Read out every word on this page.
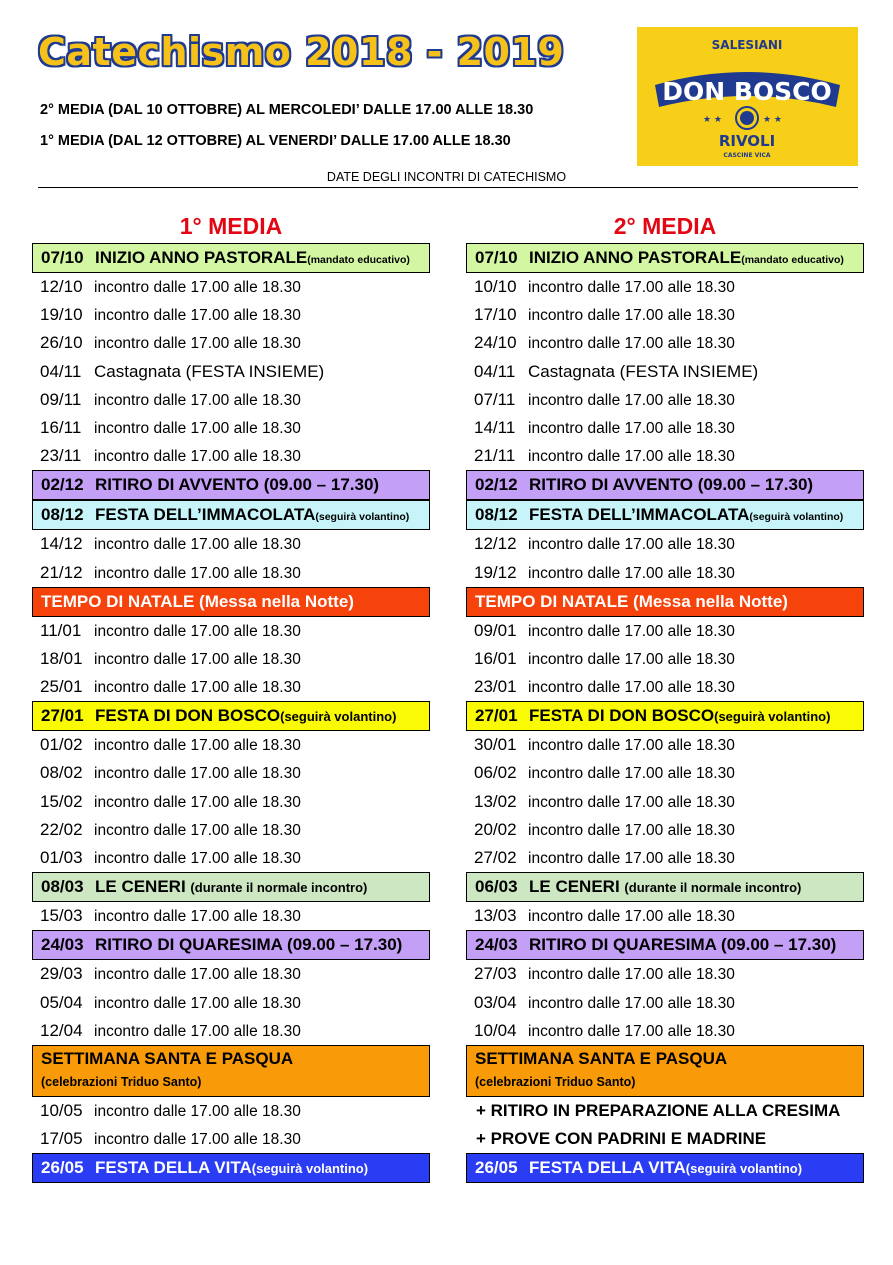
Catechismo 2018 - 2019
2° MEDIA (DAL 10 OTTOBRE) AL MERCOLEDI’ DALLE 17.00 ALLE 18.30
1° MEDIA (DAL 12 OTTOBRE) AL VENERDI’ DALLE 17.00 ALLE 18.30
DATE DEGLI INCONTRI DI CATECHISMO
SALESIANI
DON BOSCO
★ ★	★ ★
RIVOLI
CASCINE VICA
1° MEDIA
07/10 INIZIO ANNO PASTORALE(mandato educativo)
12/10 incontro dalle 17.00 alle 18.30
19/10 incontro dalle 17.00 alle 18.30
26/10 incontro dalle 17.00 alle 18.30
04/11 Castagnata (FESTA INSIEME)
09/11 incontro dalle 17.00 alle 18.30
16/11 incontro dalle 17.00 alle 18.30
23/11 incontro dalle 17.00 alle 18.30
02/12 RITIRO DI AVVENTO (09.00 – 17.30)
08/12 FESTA DELL’IMMACOLATA(seguirà volantino)
14/12 incontro dalle 17.00 alle 18.30
21/12 incontro dalle 17.00 alle 18.30
TEMPO DI NATALE (Messa nella Notte)
11/01 incontro dalle 17.00 alle 18.30
18/01 incontro dalle 17.00 alle 18.30
25/01 incontro dalle 17.00 alle 18.30
27/01 FESTA DI DON BOSCO(seguirà volantino)
01/02 incontro dalle 17.00 alle 18.30
08/02 incontro dalle 17.00 alle 18.30
15/02 incontro dalle 17.00 alle 18.30
22/02 incontro dalle 17.00 alle 18.30
01/03 incontro dalle 17.00 alle 18.30
08/03 LE CENERI (durante il normale incontro)
15/03 incontro dalle 17.00 alle 18.30
24/03 RITIRO DI QUARESIMA (09.00 – 17.30)
29/03 incontro dalle 17.00 alle 18.30
05/04 incontro dalle 17.00 alle 18.30
12/04 incontro dalle 17.00 alle 18.30
SETTIMANA SANTA E PASQUA
(celebrazioni Triduo Santo)
10/05 incontro dalle 17.00 alle 18.30
17/05 incontro dalle 17.00 alle 18.30
26/05 FESTA DELLA VITA(seguirà volantino)
2° MEDIA
07/10 INIZIO ANNO PASTORALE(mandato educativo)
10/10 incontro dalle 17.00 alle 18.30
17/10 incontro dalle 17.00 alle 18.30
24/10 incontro dalle 17.00 alle 18.30
04/11 Castagnata (FESTA INSIEME)
07/11 incontro dalle 17.00 alle 18.30
14/11 incontro dalle 17.00 alle 18.30
21/11 incontro dalle 17.00 alle 18.30
02/12 RITIRO DI AVVENTO (09.00 – 17.30)
08/12 FESTA DELL’IMMACOLATA(seguirà volantino)
12/12 incontro dalle 17.00 alle 18.30
19/12 incontro dalle 17.00 alle 18.30
TEMPO DI NATALE (Messa nella Notte)
09/01 incontro dalle 17.00 alle 18.30
16/01 incontro dalle 17.00 alle 18.30
23/01 incontro dalle 17.00 alle 18.30
27/01 FESTA DI DON BOSCO(seguirà volantino)
30/01 incontro dalle 17.00 alle 18.30
06/02 incontro dalle 17.00 alle 18.30
13/02 incontro dalle 17.00 alle 18.30
20/02 incontro dalle 17.00 alle 18.30
27/02 incontro dalle 17.00 alle 18.30
06/03 LE CENERI (durante il normale incontro)
13/03 incontro dalle 17.00 alle 18.30
24/03 RITIRO DI QUARESIMA (09.00 – 17.30)
27/03 incontro dalle 17.00 alle 18.30
03/04 incontro dalle 17.00 alle 18.30
10/04 incontro dalle 17.00 alle 18.30
SETTIMANA SANTA E PASQUA
(celebrazioni Triduo Santo)
+ RITIRO IN PREPARAZIONE ALLA CRESIMA
+ PROVE CON PADRINI E MADRINE
26/05 FESTA DELLA VITA(seguirà volantino)
